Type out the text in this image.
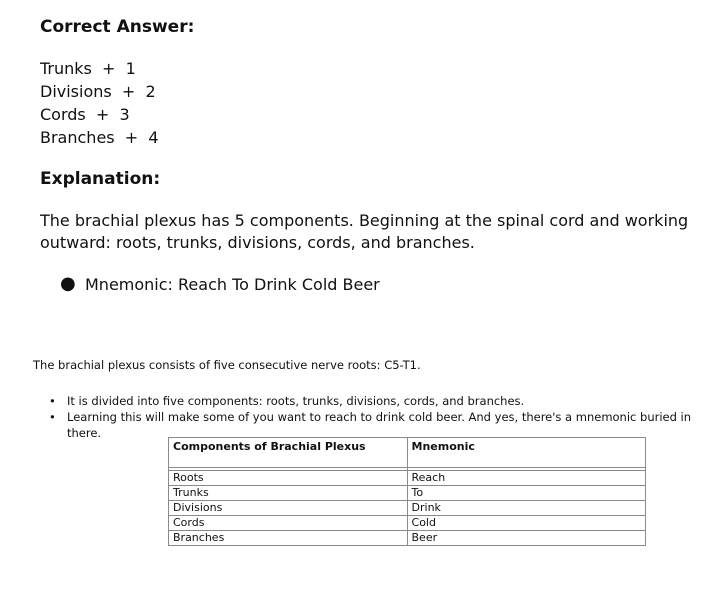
Correct Answer:
Trunks  +  1
Divisions  +  2
Cords  +  3
Branches  +  4
Explanation:
The brachial plexus has 5 components. Beginning at the spinal cord and working outward: roots, trunks, divisions, cords, and branches.
● Mnemonic: Reach To Drink Cold Beer
The brachial plexus consists of five consecutive nerve roots: C5-T1.
• It is divided into five components: roots, trunks, divisions, cords, and branches.
• Learning this will make some of you want to reach to drink cold beer. And yes, there's a mnemonic buried in there.
Components of Brachial Plexus	Mnemonic

Roots	Reach
Trunks	To
Divisions	Drink
Cords	Cold
Branches	Beer
